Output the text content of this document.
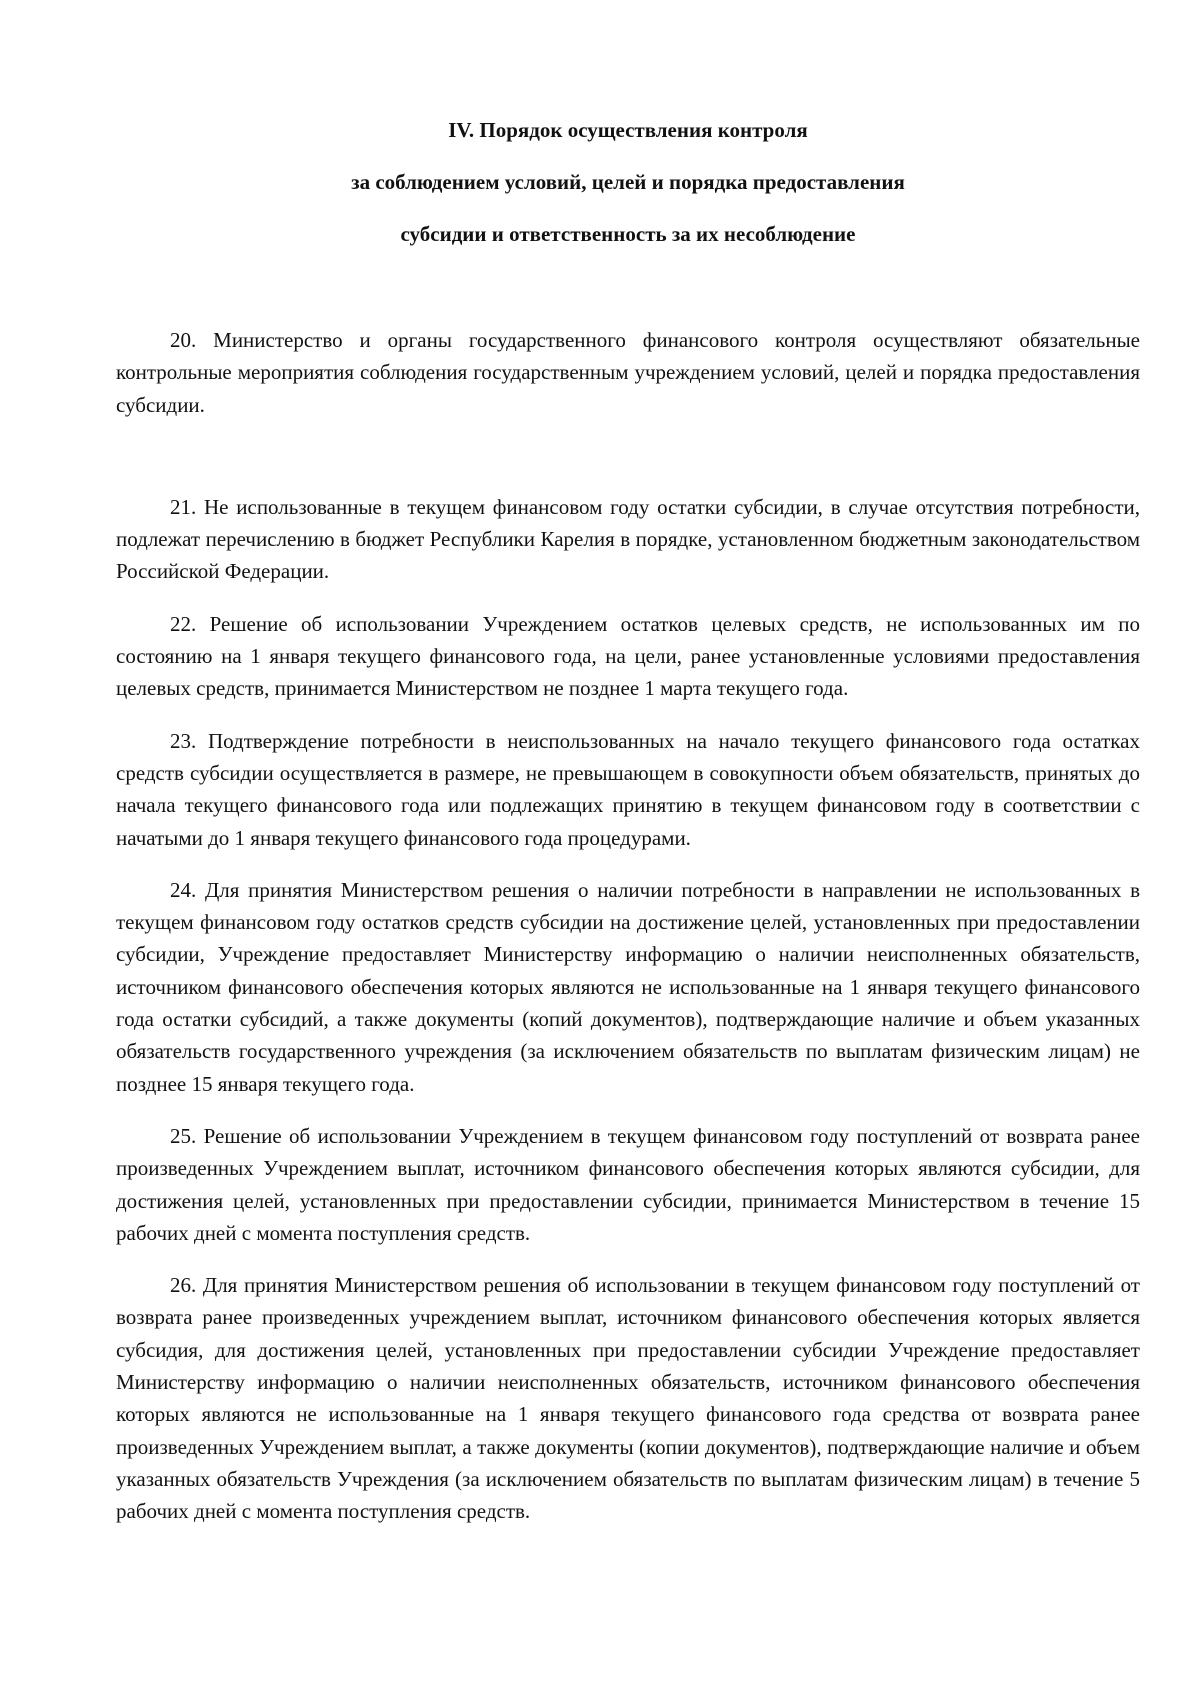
IV. Порядок осуществления контроля
за соблюдением условий, целей и порядка предоставления
субсидии и ответственность за их несоблюдение

20. Министерство и органы государственного финансового контроля осуществляют обязательные контрольные мероприятия соблюдения государственным учреждением условий, целей и порядка предоставления субсидии.

21. Не использованные в текущем финансовом году остатки субсидии, в случае отсутствия потребности, подлежат перечислению в бюджет Республики Карелия в порядке, установленном бюджетным законодательством Российской Федерации.

22. Решение об использовании Учреждением остатков целевых средств, не использованных им по состоянию на 1 января текущего финансового года, на цели, ранее установленные условиями предоставления целевых средств, принимается Министерством не позднее 1 марта текущего года.

23. Подтверждение потребности в неиспользованных на начало текущего финансового года остатках средств субсидии осуществляется в размере, не превышающем в совокупности объем обязательств, принятых до начала текущего финансового года или подлежащих принятию в текущем финансовом году в соответствии с начатыми до 1 января текущего финансового года процедурами.

24. Для принятия Министерством решения о наличии потребности в направлении не использованных в текущем финансовом году остатков средств субсидии на достижение целей, установленных при предоставлении субсидии, Учреждение предоставляет Министерству информацию о наличии неисполненных обязательств, источником финансового обеспечения которых являются не использованные на 1 января текущего финансового года остатки субсидий, а также документы (копий документов), подтверждающие наличие и объем указанных обязательств государственного учреждения (за исключением обязательств по выплатам физическим лицам) не позднее 15 января текущего года.

25. Решение об использовании Учреждением в текущем финансовом году поступлений от возврата ранее произведенных Учреждением выплат, источником финансового обеспечения которых являются субсидии, для достижения целей, установленных при предоставлении субсидии, принимается Министерством в течение 15 рабочих дней с момента поступления средств.

26. Для принятия Министерством решения об использовании в текущем финансовом году поступлений от возврата ранее произведенных учреждением выплат, источником финансового обеспечения которых является субсидия, для достижения целей, установленных при предоставлении субсидии Учреждение предоставляет Министерству информацию о наличии неисполненных обязательств, источником финансового обеспечения которых являются не использованные на 1 января текущего финансового года средства от возврата ранее произведенных Учреждением выплат, а также документы (копии документов), подтверждающие наличие и объем указанных обязательств Учреждения (за исключением обязательств по выплатам физическим лицам) в течение 5 рабочих дней с момента поступления средств.
